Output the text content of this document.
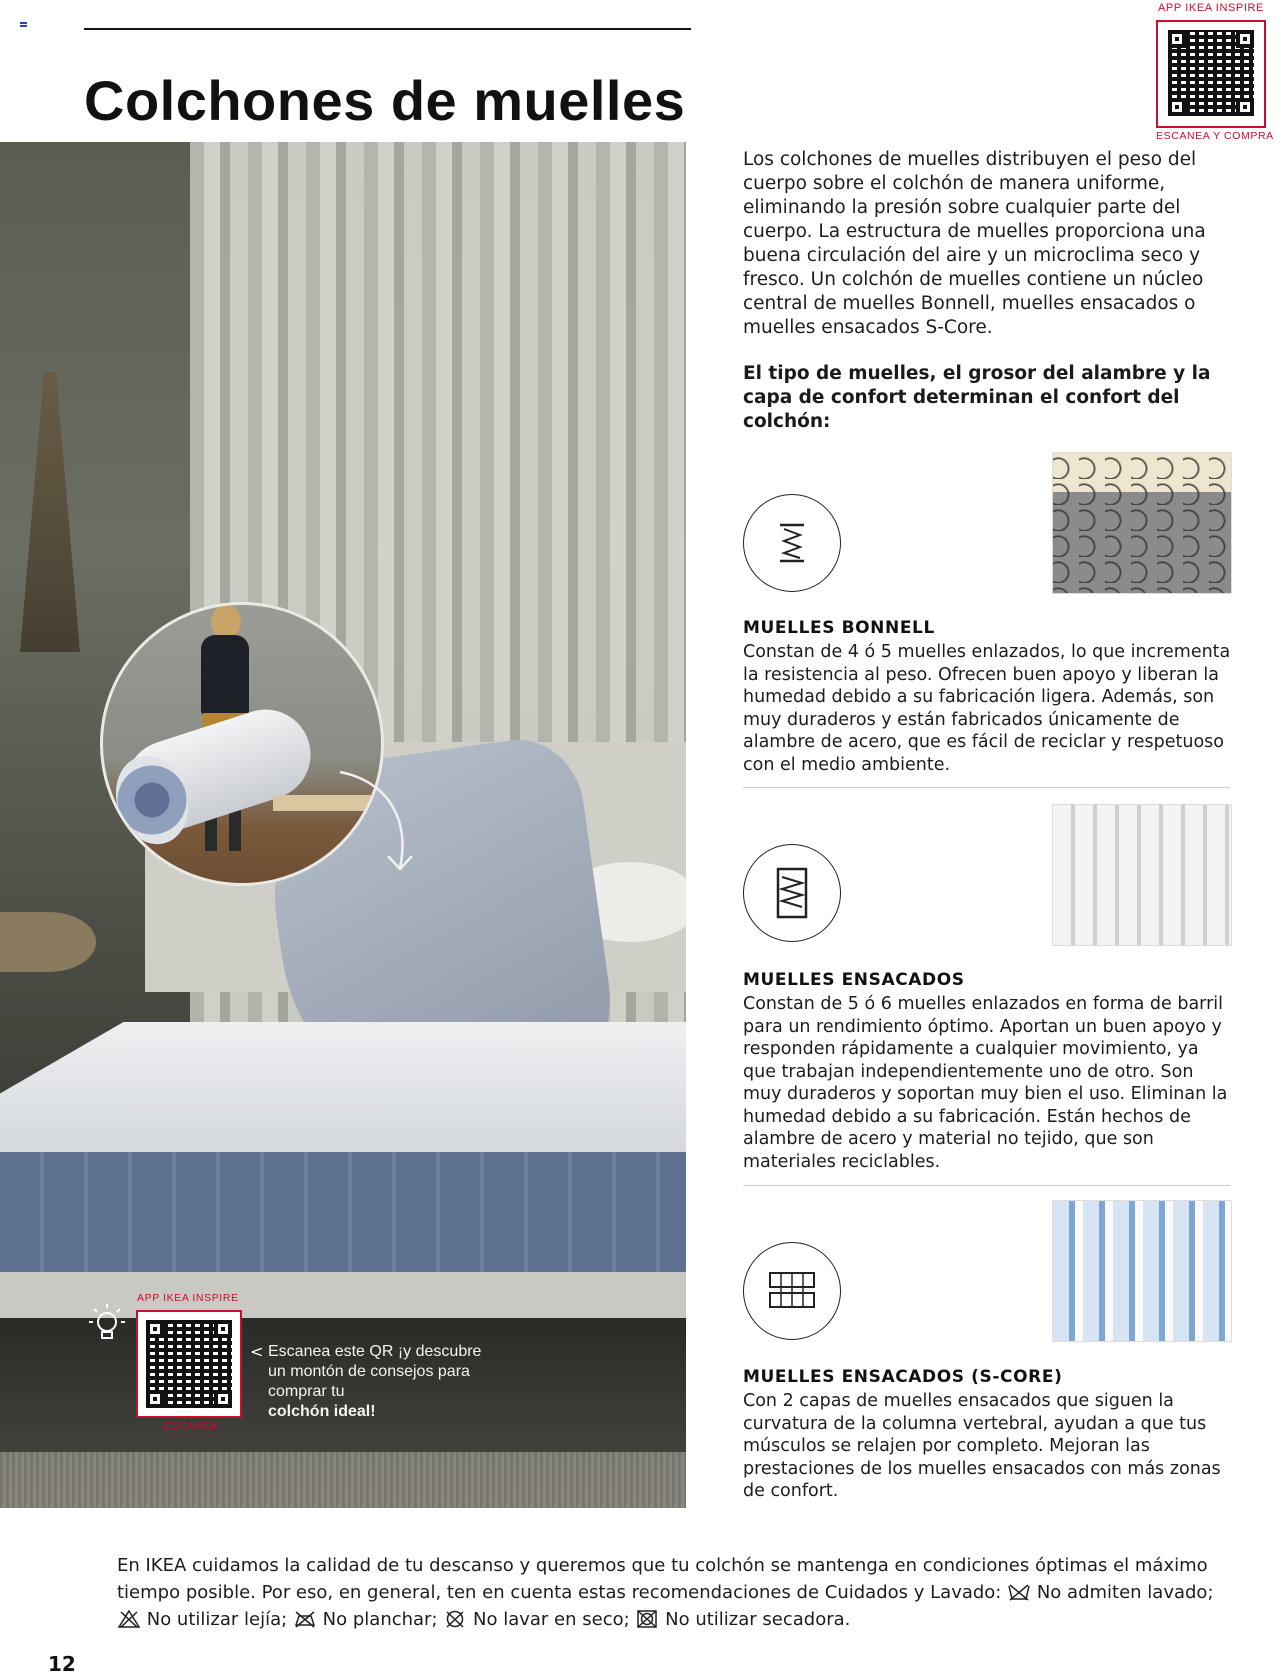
Colchones de muelles
APP IKEA INSPIRE
ESCANEA Y COMPRA
APP IKEA INSPIRE
ESCANEA
< Escanea este QR ¡y descubre
un montón de consejos para
comprar tu
colchón ideal!

Los colchones de muelles distribuyen el peso del cuerpo sobre el colchón de manera uniforme, eliminando la presión sobre cualquier parte del cuerpo. La estructura de muelles proporciona una buena circulación del aire y un microclima seco y fresco. Un colchón de muelles contiene un núcleo central de muelles Bonnell, muelles ensacados o muelles ensacados S-Core.

El tipo de muelles, el grosor del alambre y la capa de confort determinan el confort del colchón:

MUELLES BONNELL

Constan de 4 ó 5 muelles enlazados, lo que incrementa la resistencia al peso. Ofrecen buen apoyo y liberan la humedad debido a su fabricación ligera. Además, son muy duraderos y están fabricados únicamente de alambre de acero, que es fácil de reciclar y respetuoso con el medio ambiente.

MUELLES ENSACADOS

Constan de 5 ó 6 muelles enlazados en forma de barril para un rendimiento óptimo. Aportan un buen apoyo y responden rápidamente a cualquier movimiento, ya que trabajan independientemente uno de otro. Son muy duraderos y soportan muy bien el uso. Eliminan la humedad debido a su fabricación. Están hechos de alambre de acero y material no tejido, que son materiales reciclables.

MUELLES ENSACADOS (S-CORE)

Con 2 capas de muelles ensacados que siguen la curvatura de la columna vertebral, ayudan a que tus músculos se relajen por completo. Mejoran las prestaciones de los muelles ensacados con más zonas de confort.

En IKEA cuidamos la calidad de tu descanso y queremos que tu colchón se mantenga en condiciones óptimas el máximo tiempo posible. Por eso, en general, ten en cuenta estas recomendaciones de Cuidados y Lavado: No admiten lavado;  No utilizar lejía; No planchar; No lavar en seco; No utilizar secadora.

12
